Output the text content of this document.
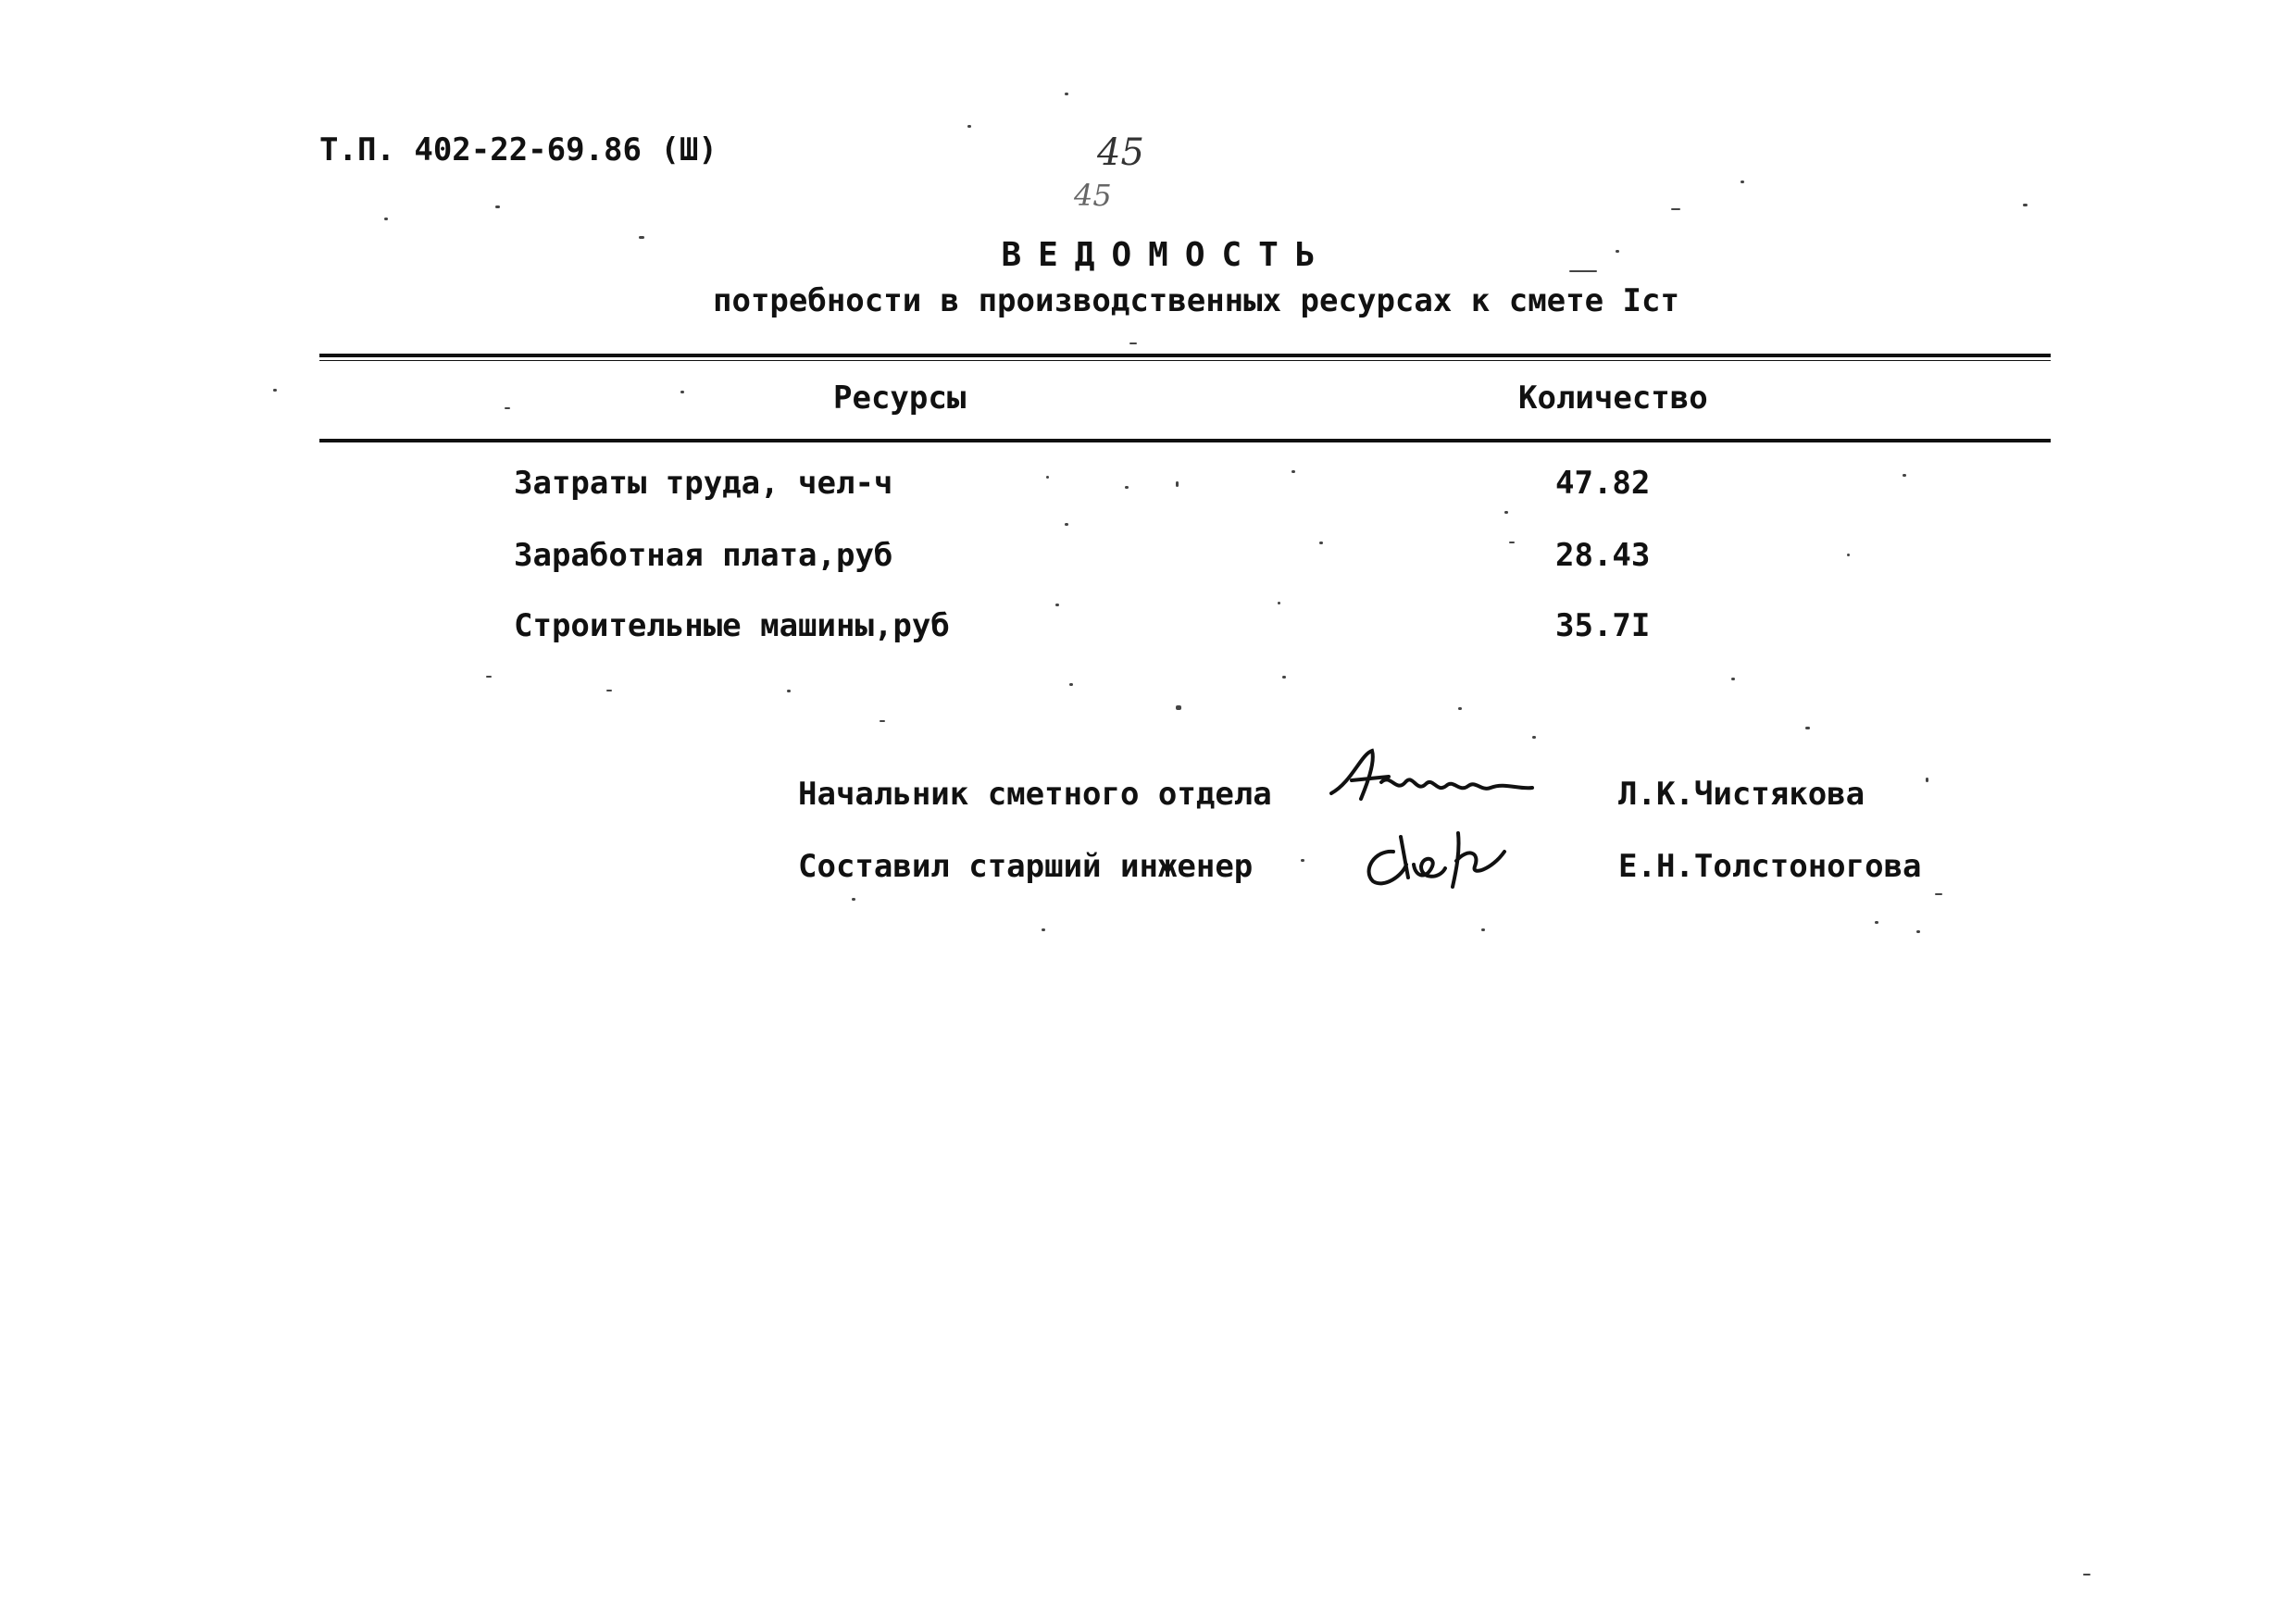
Т.П. 402-22-69.86 (Ш)	45
45
ВЕДОМОСТЬ
потребности в производственных ресурсах к смете Iст
Ресурсы	Количество
Затраты труда, чел-ч	47.82
Заработная плата,руб	28.43
Строительные машины,руб	35.7I
Начальник сметного отдела	Л.К.Чистякова
Составил старший инженер	Е.Н.Толстоногова
